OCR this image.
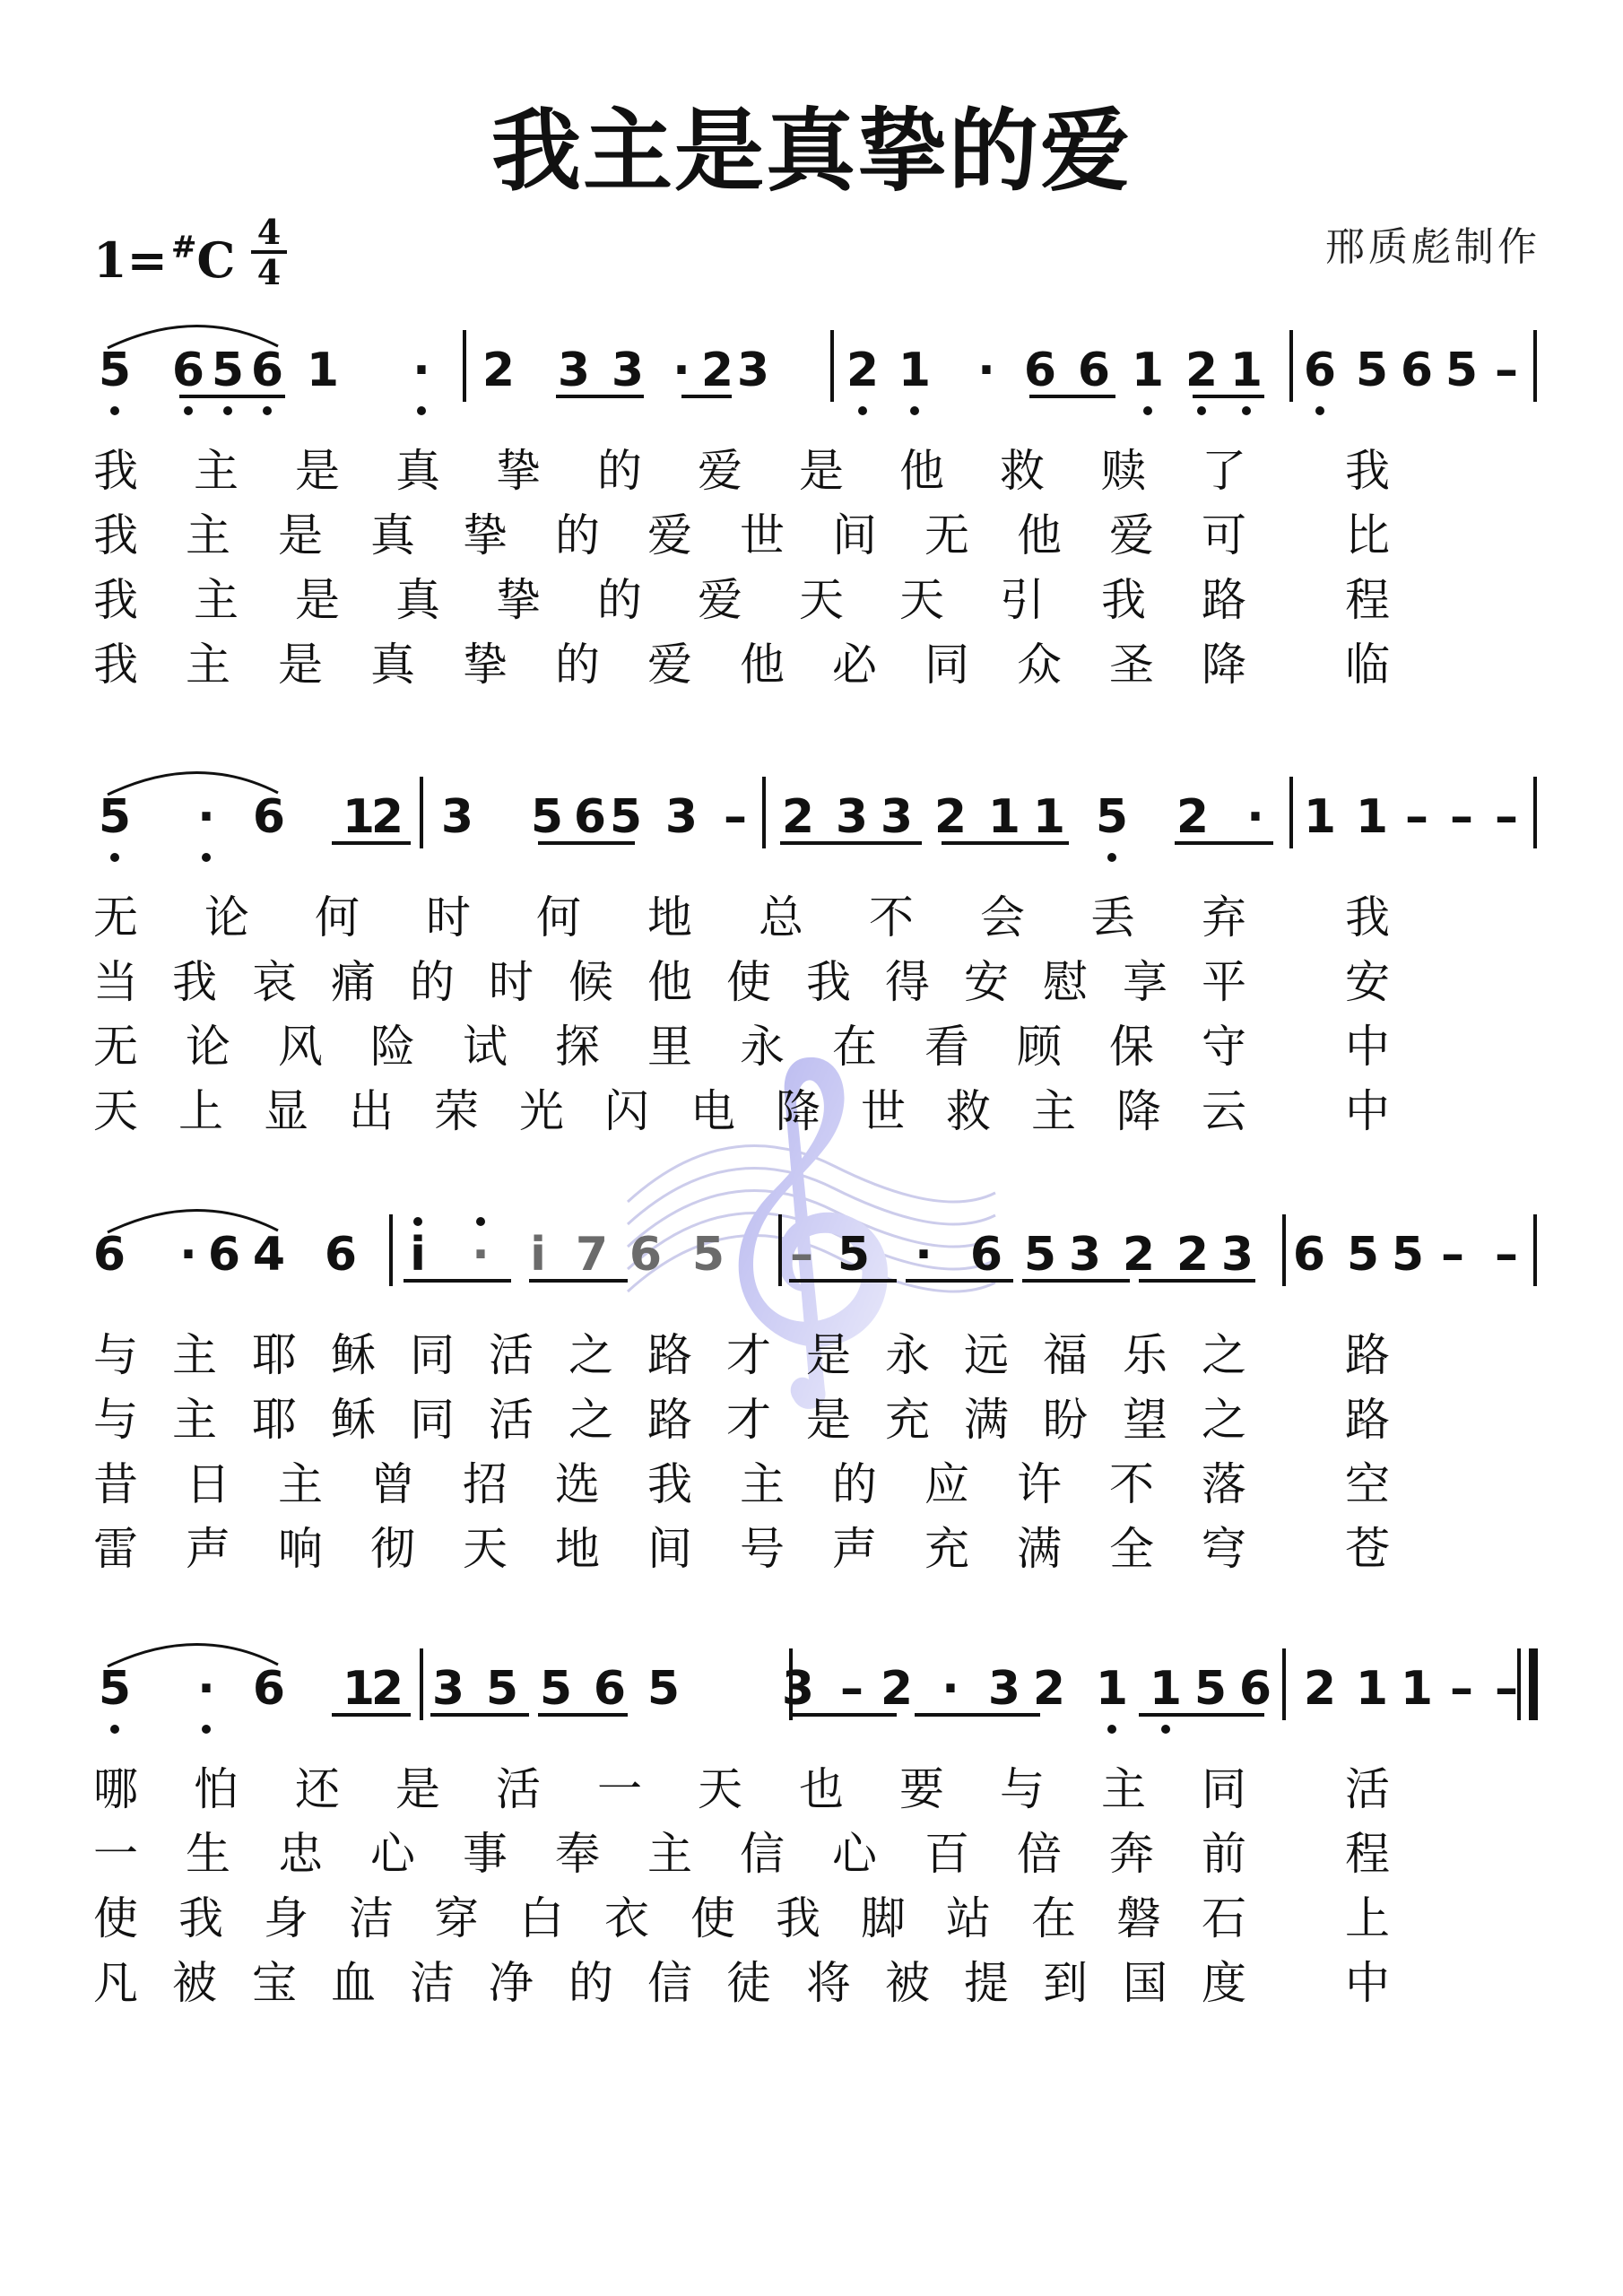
我主是真挚的爱
1= #C 4
4
邢质彪制作
5 6 5 6 1 · 2 3 3 · 2 3 2 1 · 6 6 1 2 1 6 5 6 5 –
我 主 是 真 挚 的 爱 是 他 救 赎 了 我
我 主 是 真 挚 的 爱 世 间 无 他 爱 可 比
我 主 是 真 挚 的 爱 天 天 引 我 路 程
我 主 是 真 挚 的 爱 他 必 同 众 圣 降 临
5 · 6 1
2 3 5 6 5 3 – 2 3 3 2 1 1 5 2 · 1 1 – – –
无 论 何 时 何 地 总 不 会 丢 弃 我
当 我 哀 痛 的 时 候 他 使 我 得 安 慰 享 平 安
无 论 风 险 试 探 里 永 在 看 顾 保 守 中
天 上 显 出 荣 光 闪 电 降 世 救 主 降 云 中
6 · 6 4 6 i · i 7 6 5 – 5 · 6 5 3 2 2 3 6 5 5 – –
与 主 耶 稣 同 活 之 路 才 是 永 远 福 乐 之 路
与 主 耶 稣 同 活 之 路 才 是 充 满 盼 望 之 路
昔 日 主 曾 招 选 我 主 的 应 许 不 落 空
雷 声 响 彻 天 地 间 号 声 充 满 全 穹 苍
5 · 6 1
2 3 5 5 6 5 3 – 2 · 3 2 1 1 5 6 2 1 1 – –
哪 怕 还 是 活 一 天 也 要 与 主 同 活
一 生 忠 心 事 奉 主 信 心 百 倍 奔 前 程
使 我 身 洁 穿 白 衣 使 我 脚 站 在 磐 石 上
凡 被 宝 血 洁 净 的 信 徒 将 被 提 到 国 度 中
